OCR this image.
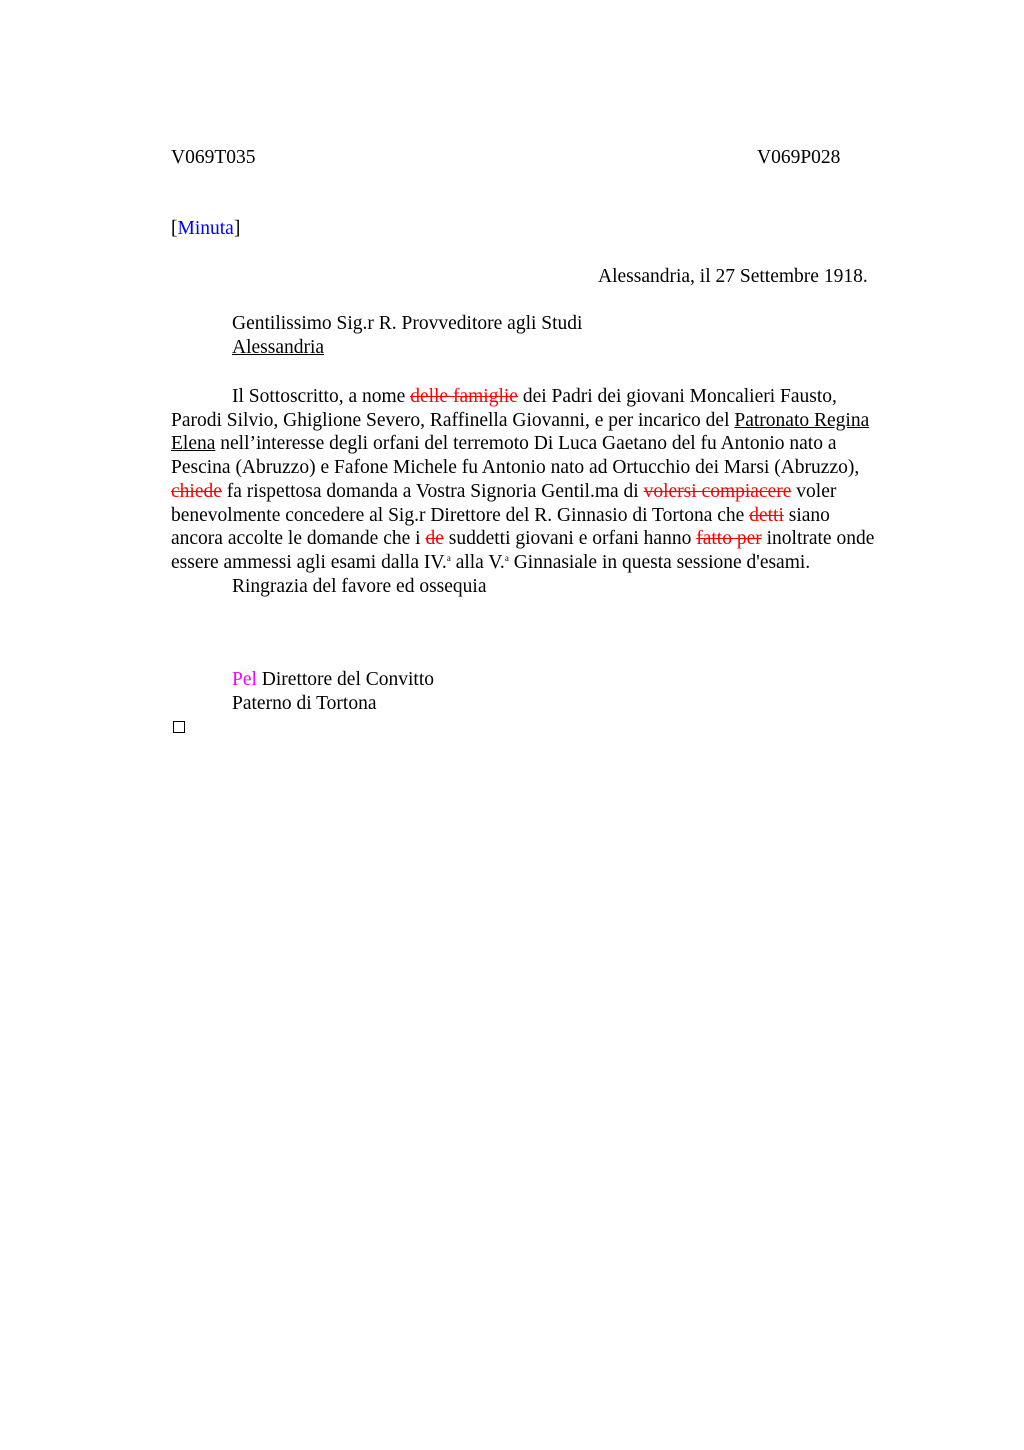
V069T035	V069P028
[Minuta]
Alessandria, il 27 Settembre 1918.
Gentilissimo Sig.r R. Provveditore agli Studi
Alessandria
Il Sottoscritto, a nome delle famiglie dei Padri dei giovani Moncalieri Fausto,
Parodi Silvio, Ghiglione Severo, Raffinella Giovanni, e per incarico del Patronato Regina
Elena nell’interesse degli orfani del terremoto Di Luca Gaetano del fu Antonio nato a
Pescina (Abruzzo) e Fafone Michele fu Antonio nato ad Ortucchio dei Marsi (Abruzzo),
chiede fa rispettosa domanda a Vostra Signoria Gentil.ma di volersi compiacere voler
benevolmente concedere al Sig.r Direttore del R. Ginnasio di Tortona che detti siano
ancora accolte le domande che i de suddetti giovani e orfani hanno fatto per inoltrate onde
essere ammessi agli esami dalla IV.$^a$ alla V.$^a$ Ginnasiale in questa sessione d'esami.
Ringrazia del favore ed ossequia
Pel Direttore del Convitto
Paterno di Tortona
